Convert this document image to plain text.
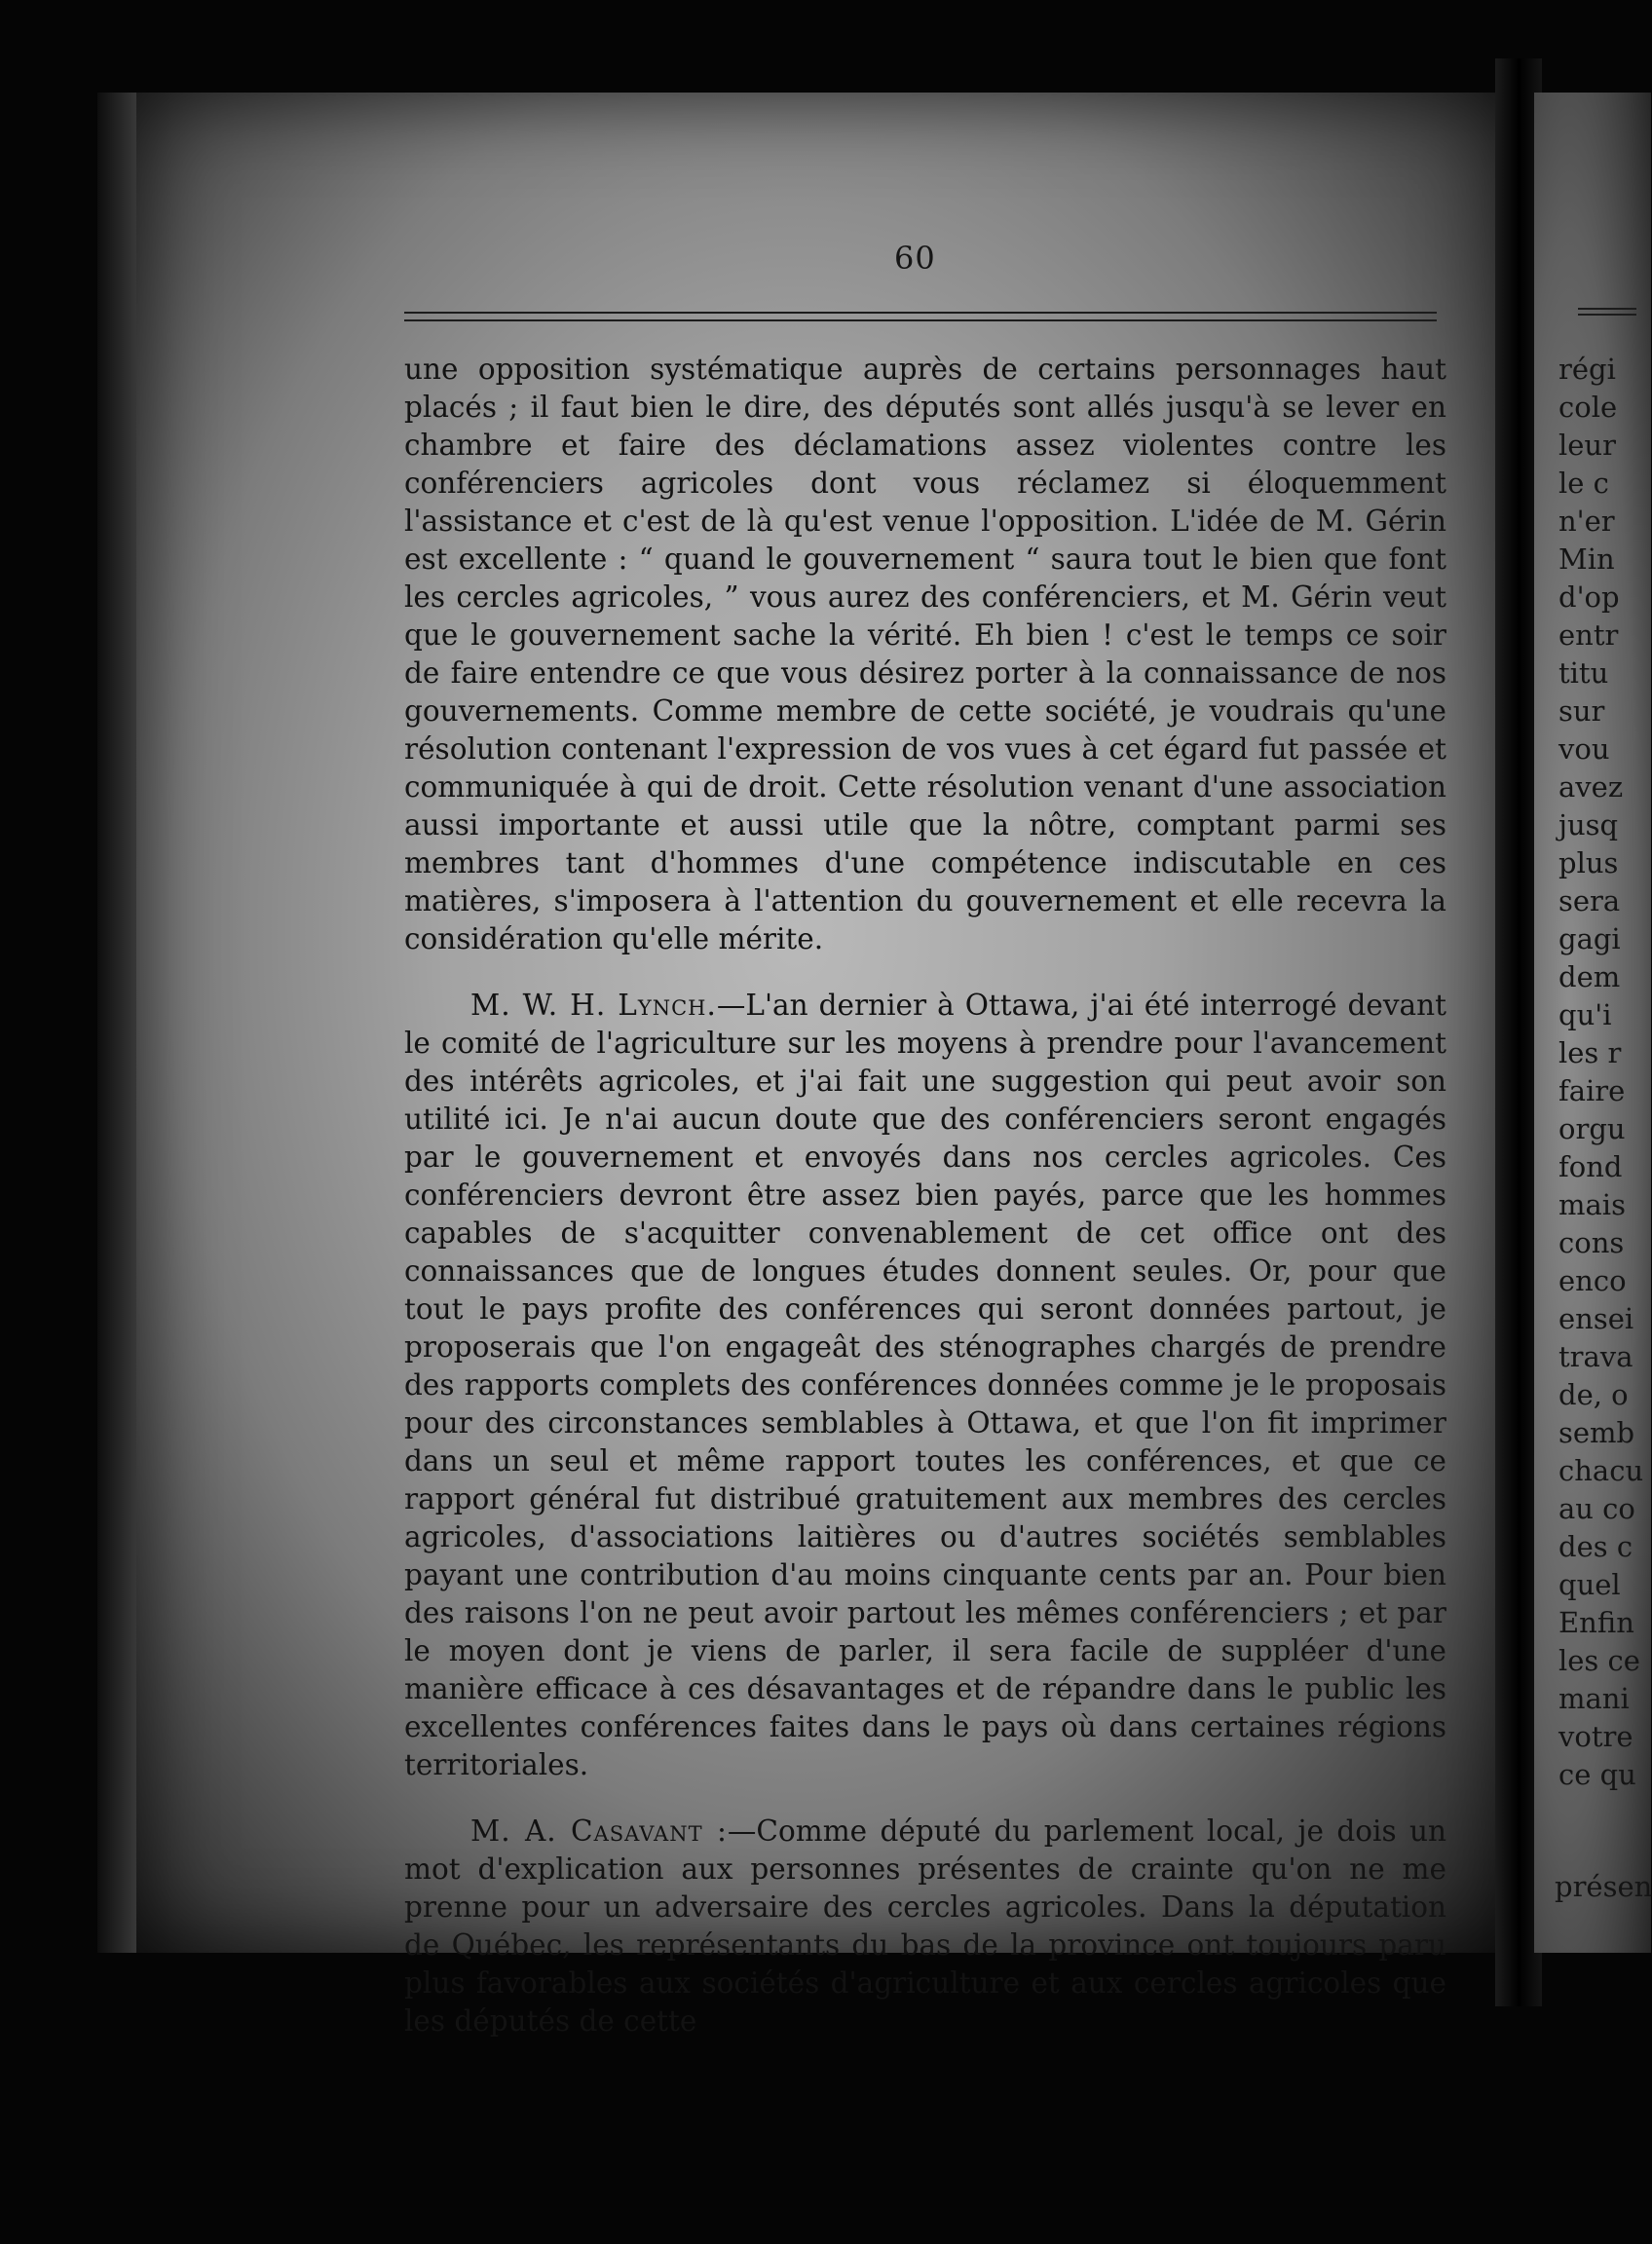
60

une opposition systématique auprès de certains personnages haut placés ; il faut bien le dire, des députés sont allés jusqu'à se lever en chambre et faire des déclamations assez violentes contre les conférenciers agricoles dont vous réclamez si éloquemment l'assistance et c'est de là qu'est venue l'opposition. L'idée de M. Gérin est excellente : “ quand le gouvernement “ saura tout le bien que font les cercles agricoles, ” vous aurez des conférenciers, et M. Gérin veut que le gouvernement sache la vérité. Eh bien ! c'est le temps ce soir de faire entendre ce que vous désirez porter à la connaissance de nos gouvernements. Comme membre de cette société, je voudrais qu'une résolution contenant l'expression de vos vues à cet égard fut passée et communiquée à qui de droit. Cette résolution venant d'une association aussi importante et aussi utile que la nôtre, comptant parmi ses membres tant d'hommes d'une compétence indiscutable en ces matières, s'imposera à l'attention du gouvernement et elle recevra la considération qu'elle mérite.

M. W. H. Lynch.—L'an dernier à Ottawa, j'ai été interrogé devant le comité de l'agriculture sur les moyens à prendre pour l'avancement des intérêts agricoles, et j'ai fait une suggestion qui peut avoir son utilité ici. Je n'ai aucun doute que des conférenciers seront engagés par le gouvernement et envoyés dans nos cercles agricoles. Ces conférenciers devront être assez bien payés, parce que les hommes capables de s'acquitter convenablement de cet office ont des connaissances que de longues études donnent seules. Or, pour que tout le pays profite des conférences qui seront données partout, je proposerais que l'on engageât des sténographes chargés de prendre des rapports complets des conférences données comme je le proposais pour des circonstances semblables à Ottawa, et que l'on fit imprimer dans un seul et même rapport toutes les conférences, et que ce rapport général fut distribué gratuitement aux membres des cercles agricoles, d'associations laitières ou d'autres sociétés semblables payant une contribution d'au moins cinquante cents par an. Pour bien des raisons l'on ne peut avoir partout les mêmes conférenciers ; et par le moyen dont je viens de parler, il sera facile de suppléer d'une manière efficace à ces désavantages et de répandre dans le public les excellentes conférences faites dans le pays où dans certaines régions territoriales.

M. A. Casavant :—Comme député du parlement local, je dois un mot d'explication aux personnes présentes de crainte qu'on ne me prenne pour un adversaire des cercles agricoles. Dans la députation de Québec, les représentants du bas de la province ont toujours paru plus favorables aux sociétés d'agriculture et aux cercles agricoles que les députés de cette

régi
cole
leur
le c
n'er
Min
d'op
entr
titu
sur
vou
avez
jusq
plus
sera
gagi
dem
qu'i
les r
faire
orgu
fond
mais
cons
enco
ensei
trava
de, o
semb
chacu
au co
des c
quel
Enfin
les ce
mani
votre
ce qu
présen
